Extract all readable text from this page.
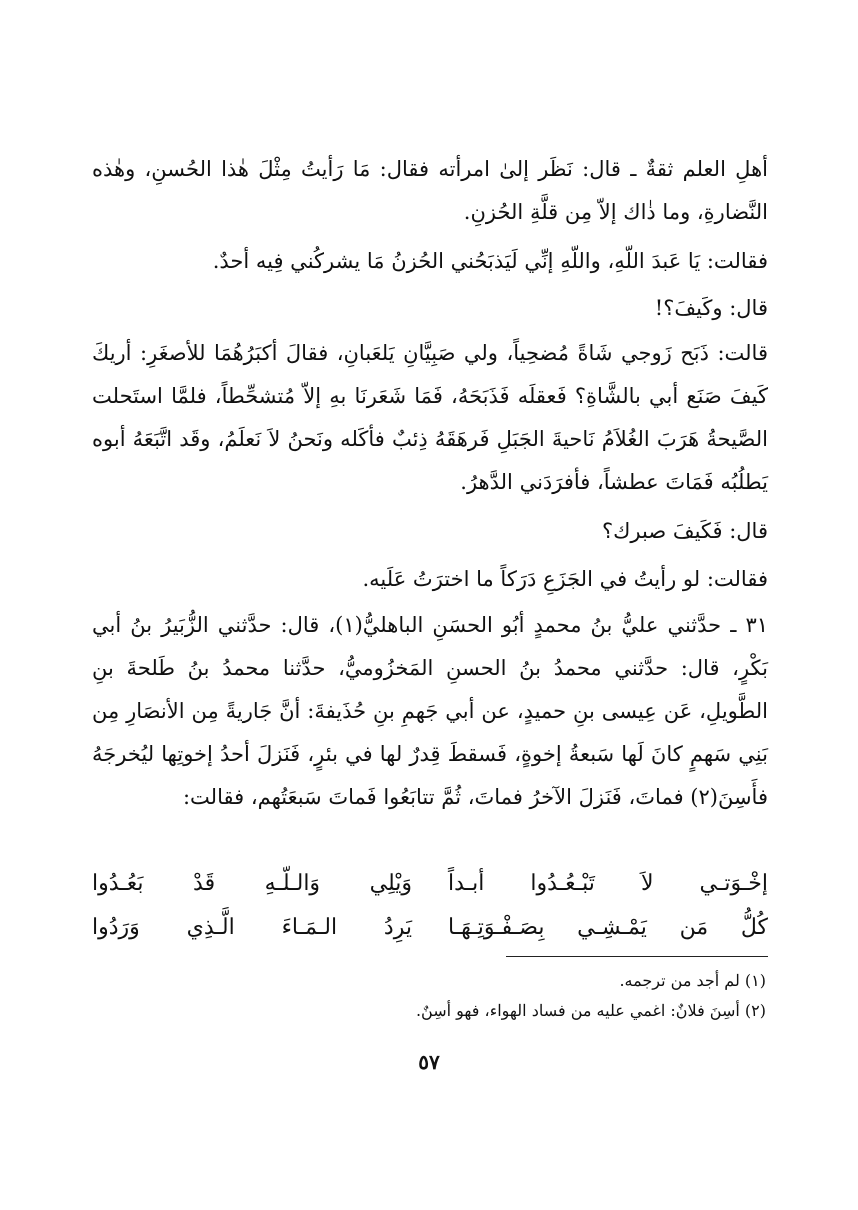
أهلِ العلم ثقةٌ ـ قال: نَظَر إلىٰ امرأته فقال: مَا رَأيتُ مِثْلَ هٰذا الحُسنِ، وهٰذه النَّضارةِ، وما ذٰاك إلاّ مِن قلَّةِ الحُزنِ.
فقالت: يَا عَبدَ اللّهِ، واللّهِ إنِّي لَيَذبَحُني الحُزنُ مَا يشركُني فِيه أحدٌ.
قال: وكَيفَ؟!
قالت: ذَبَح زَوجي شَاةً مُضحِياً، ولي صَبِيَّانِ يَلعَبانِ، فقالَ أكبَرُهُمَا للأصغَرِ: أريكَ كَيفَ صَنَع أبي بالشَّاةِ؟ فَعقلَه فَذَبَحَهُ، فَمَا شَعَرنَا بهِ إلاّ مُتشحِّطاً، فلمَّا استَحلت الصَّيحةُ هَرَبَ الغُلاَمُ نَاحيةَ الجَبَلِ فَرهَقَهُ ذِئبٌ فأكَله ونَحنُ لاَ نَعلَمُ، وقَد اتَّبَعَهُ أبوه يَطلُبُه فَمَاتَ عطشاً، فأفرَدَني الدَّهرُ.
قال: فَكَيفَ صبرك؟
فقالت: لو رأيتُ في الجَزَعِ دَرَكاً ما اخترَتُ عَلَيه.
٣١ ـ حدَّثني عليُّ بنُ محمدٍ أبُو الحسَنِ الباهليُّ(١)، قال: حدَّثني الزُّبَيرُ بنُ أبي بَكْرٍ، قال: حدَّثني محمدُ بنُ الحسنِ المَخزُوميُّ، حدَّثنا محمدُ بنُ طَلحةَ بنِ الطَّويلِ، عَن عِيسى بنِ حميدٍ، عن أبي جَهمِ بنِ حُذَيفةَ: أنَّ جَاريةً مِن الأنصَارِ مِن بَنِي سَهمٍ كانَ لَها سَبعةُ إخوةٍ، فَسقطَ قِدرٌ لها في بئرٍ، فَنَزلَ أحدُ إخوتِها ليُخرجَهُ فأَسِنَ(٢) فماتَ، فَنَزلَ الآخرُ فماتَ، ثُمَّ تتابَعُوا فَماتَ سَبعَتُهم، فقالت:
إخْـوَتـي لاَ تَبْـعُـدُوا أبـداً
وَيْلِي وَالـلّـهِ قَدْ بَعُـدُوا
كُلُّ مَن يَمْـشِـي بِصَـفْـوَتِـهَـا
يَرِدُ الـمَـاءَ الَّـذِي وَرَدُوا
(١) لم أجد من ترجمه.
(٢) أسِنَ فلانٌ: اغمي عليه من فساد الهواء، فهو أسِنٌ.
٥٧
